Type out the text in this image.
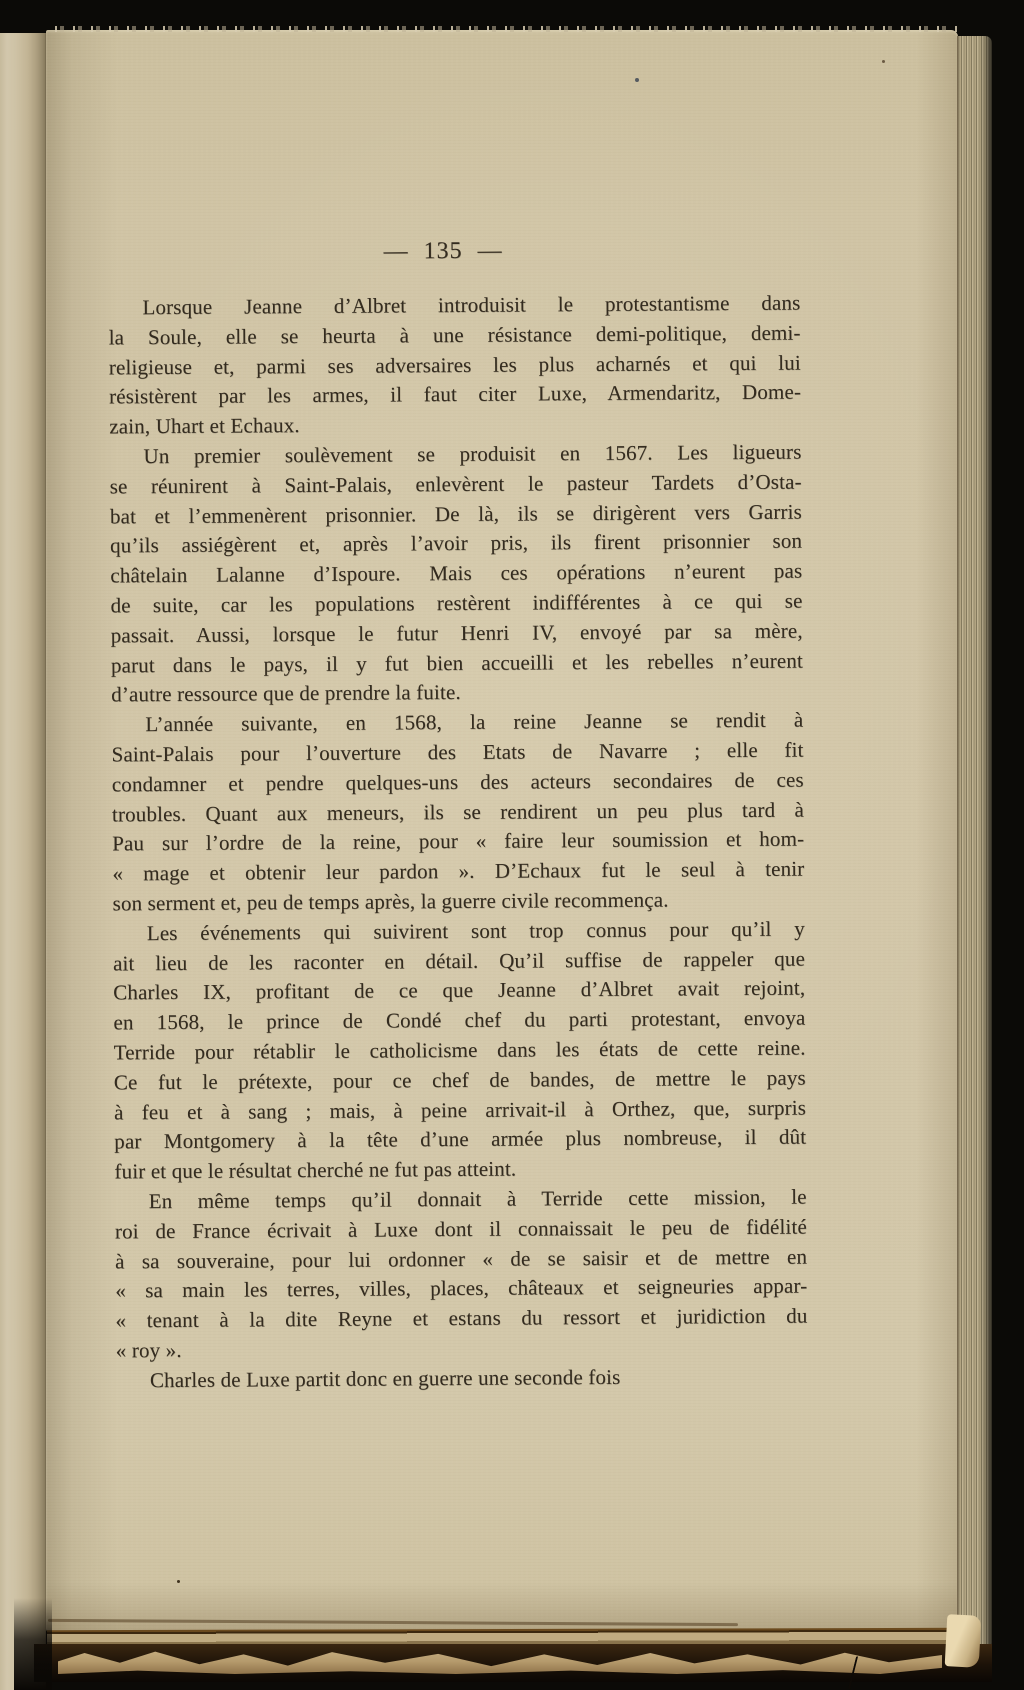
— 135 —
Lorsque Jeanne d’Albret introduisit le protestantisme dans
la Soule, elle se heurta à une résistance demi-politique, demi-
religieuse et, parmi ses adversaires les plus acharnés et qui lui
résistèrent par les armes, il faut citer Luxe, Armendaritz, Dome-
zain, Uhart et Echaux.
Un premier soulèvement se produisit en 1567. Les ligueurs
se réunirent à Saint-Palais, enlevèrent le pasteur Tardets d’Osta-
bat et l’emmenèrent prisonnier. De là, ils se dirigèrent vers Garris
qu’ils assiégèrent et, après l’avoir pris, ils firent prisonnier son
châtelain Lalanne d’Ispoure. Mais ces opérations n’eurent pas
de suite, car les populations restèrent indifférentes à ce qui se
passait. Aussi, lorsque le futur Henri IV, envoyé par sa mère,
parut dans le pays, il y fut bien accueilli et les rebelles n’eurent
d’autre ressource que de prendre la fuite.
L’année suivante, en 1568, la reine Jeanne se rendit à
Saint-Palais pour l’ouverture des Etats de Navarre ; elle fit
condamner et pendre quelques-uns des acteurs secondaires de ces
troubles. Quant aux meneurs, ils se rendirent un peu plus tard à
Pau sur l’ordre de la reine, pour « faire leur soumission et hom-
« mage et obtenir leur pardon ». D’Echaux fut le seul à tenir
son serment et, peu de temps après, la guerre civile recommença.
Les événements qui suivirent sont trop connus pour qu’il y
ait lieu de les raconter en détail. Qu’il suffise de rappeler que
Charles IX, profitant de ce que Jeanne d’Albret avait rejoint,
en 1568, le prince de Condé chef du parti protestant, envoya
Terride pour rétablir le catholicisme dans les états de cette reine.
Ce fut le prétexte, pour ce chef de bandes, de mettre le pays
à feu et à sang ; mais, à peine arrivait-il à Orthez, que, surpris
par Montgomery à la tête d’une armée plus nombreuse, il dût
fuir et que le résultat cherché ne fut pas atteint.
En même temps qu’il donnait à Terride cette mission, le
roi de France écrivait à Luxe dont il connaissait le peu de fidélité
à sa souveraine, pour lui ordonner « de se saisir et de mettre en
« sa main les terres, villes, places, châteaux et seigneuries appar-
« tenant à la dite Reyne et estans du ressort et juridiction du
« roy ».
Charles de Luxe partit donc en guerre une seconde fois
